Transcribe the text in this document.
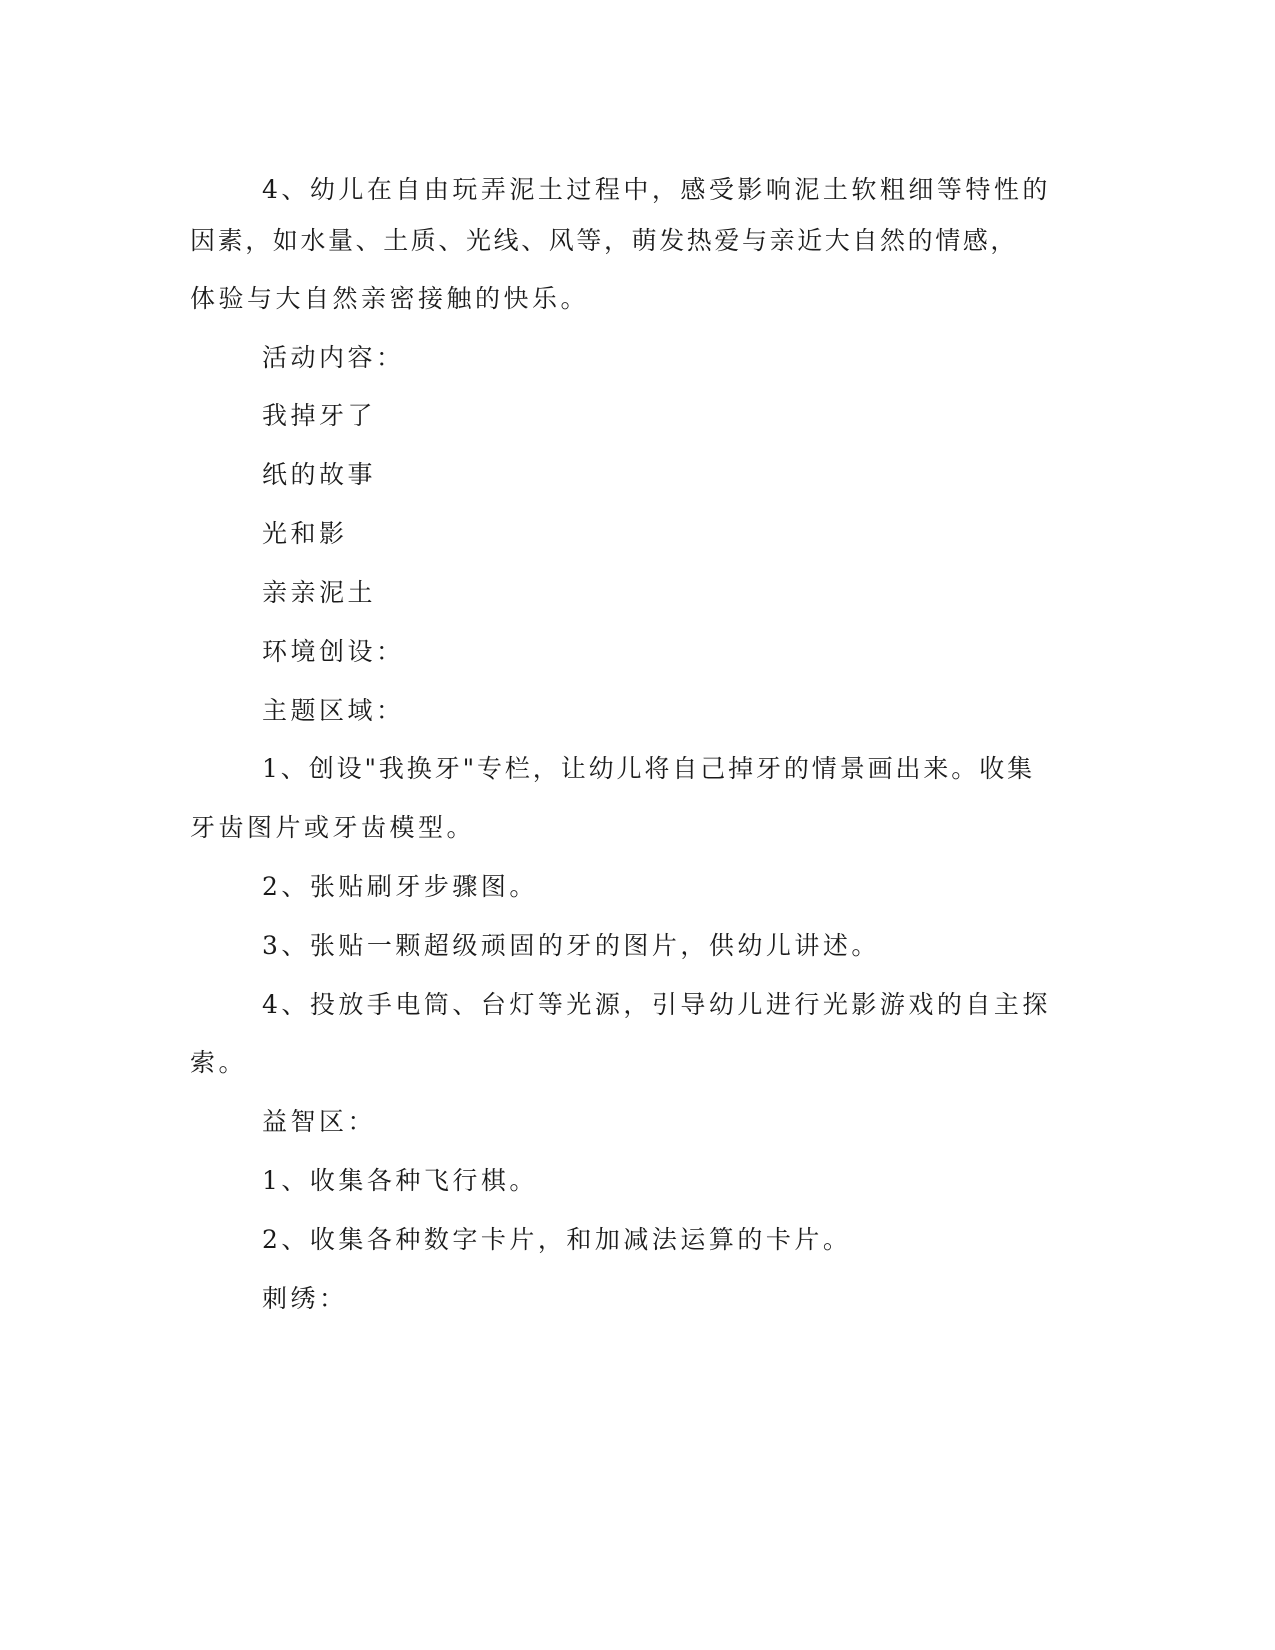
4、幼儿在自由玩弄泥土过程中，感受影响泥土软粗细等特性的
因素，如水量、土质、光线、风等，萌发热爱与亲近大自然的情感，
体验与大自然亲密接触的快乐。
活动内容：
我掉牙了
纸的故事
光和影
亲亲泥土
环境创设：
主题区域：
1、创设"我换牙"专栏，让幼儿将自己掉牙的情景画出来。收集
牙齿图片或牙齿模型。
2、张贴刷牙步骤图。
3、张贴一颗超级顽固的牙的图片，供幼儿讲述。
4、投放手电筒、台灯等光源，引导幼儿进行光影游戏的自主探
索。
益智区：
1、收集各种飞行棋。
2、收集各种数字卡片，和加减法运算的卡片。
刺绣：
